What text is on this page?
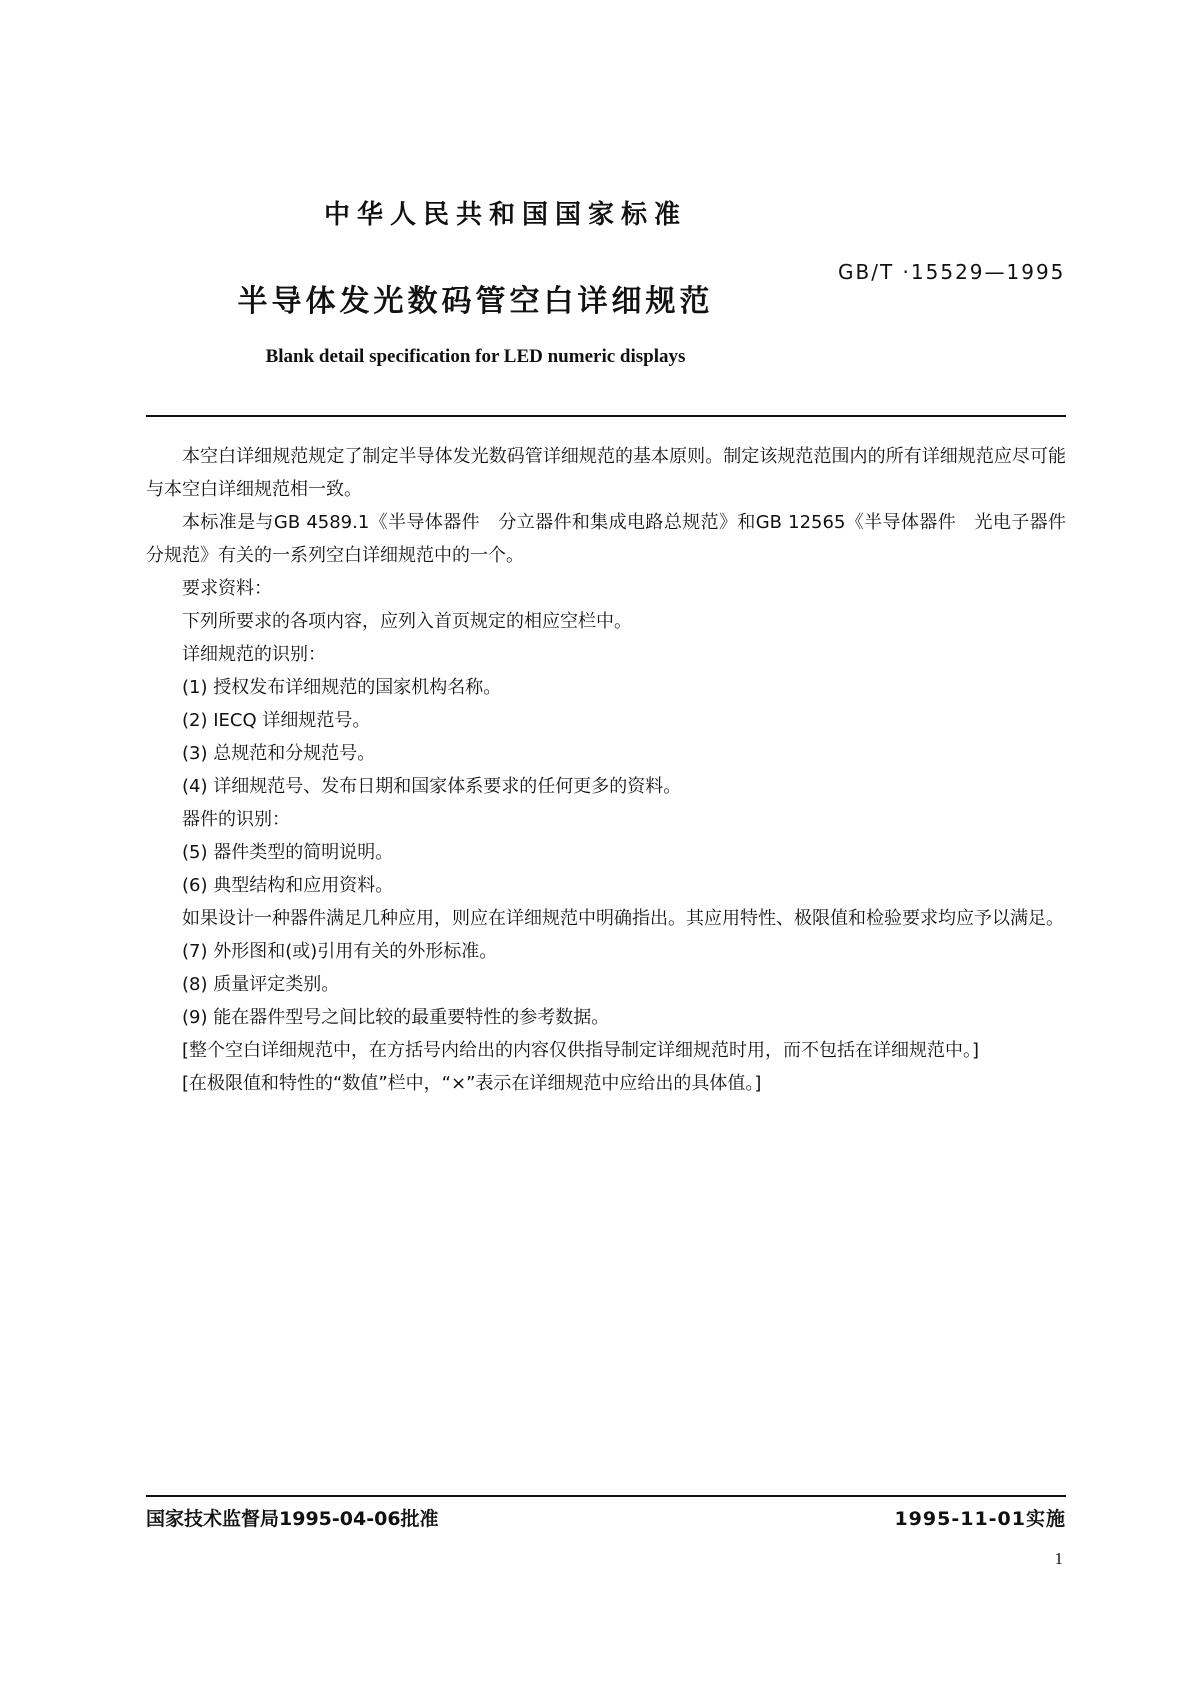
中华人民共和国国家标准
GB/T ·15529—1995
半导体发光数码管空白详细规范
Blank detail specification for LED numeric displays

本空白详细规范规定了制定半导体发光数码管详细规范的基本原则。制定该规范范围内的所有详细规范应尽可能与本空白详细规范相一致。

本标准是与GB 4589.1《半导体器件　分立器件和集成电路总规范》和GB 12565《半导体器件　光电子器件分规范》有关的一系列空白详细规范中的一个。

要求资料：

下列所要求的各项内容，应列入首页规定的相应空栏中。

详细规范的识别：

(1) 授权发布详细规范的国家机构名称。

(2) IECQ 详细规范号。

(3) 总规范和分规范号。

(4) 详细规范号、发布日期和国家体系要求的任何更多的资料。

器件的识别：

(5) 器件类型的简明说明。

(6) 典型结构和应用资料。

如果设计一种器件满足几种应用，则应在详细规范中明确指出。其应用特性、极限值和检验要求均应予以满足。

(7) 外形图和(或)引用有关的外形标准。

(8) 质量评定类别。

(9) 能在器件型号之间比较的最重要特性的参考数据。

[整个空白详细规范中，在方括号内给出的内容仅供指导制定详细规范时用，而不包括在详细规范中。]

[在极限值和特性的“数值”栏中，“×”表示在详细规范中应给出的具体值。]

国家技术监督局1995-04-06批准	1995-11-01实施
1
